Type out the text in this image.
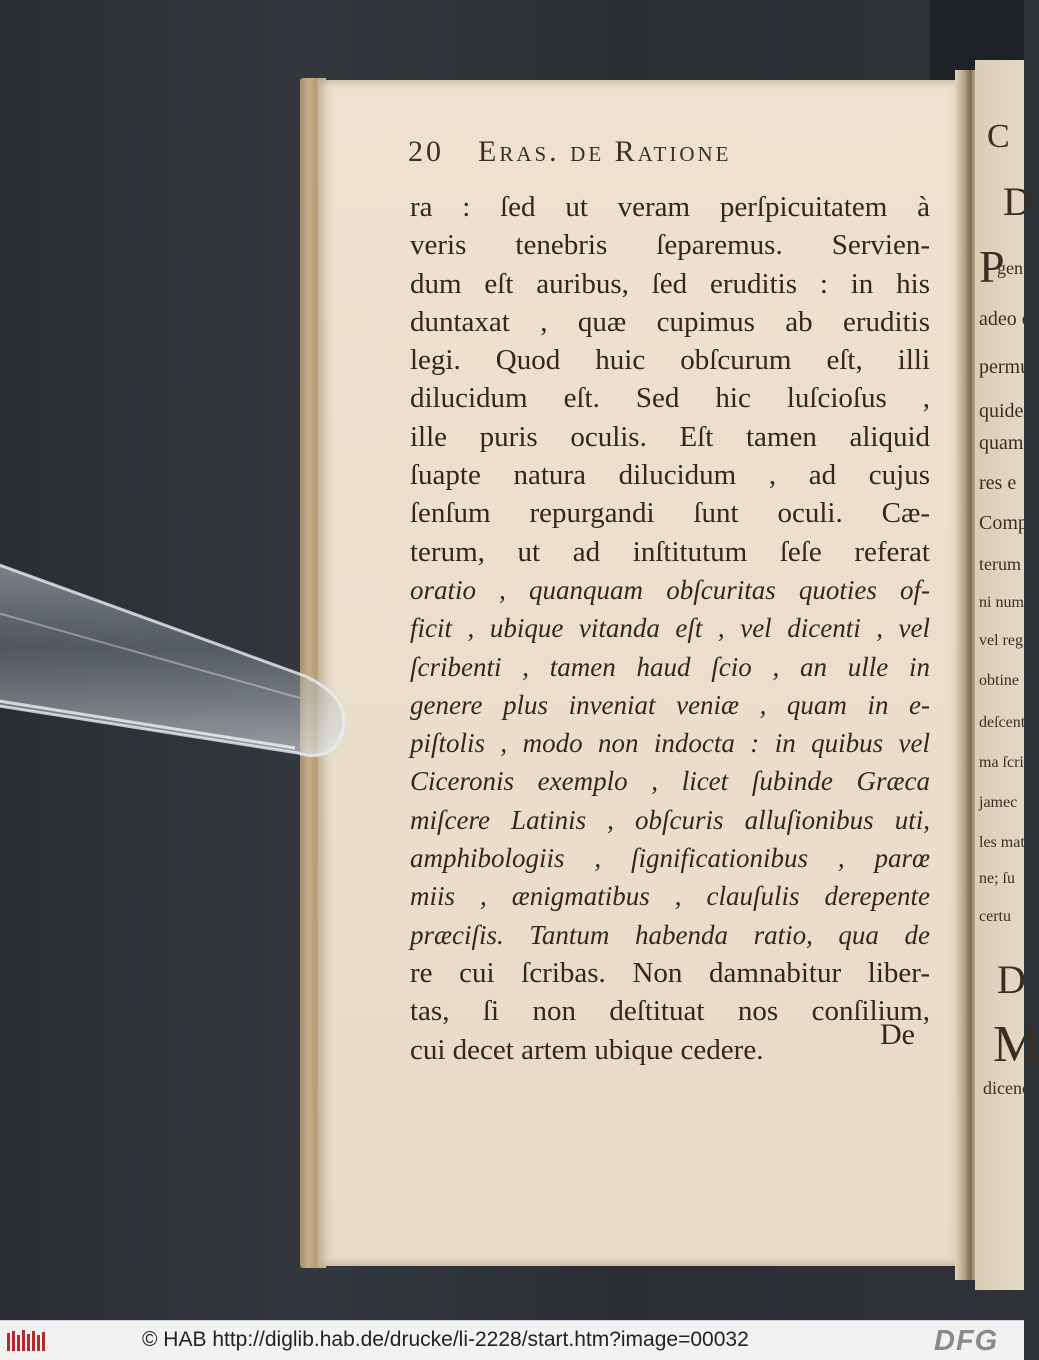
C
D
P
gen
adeo c
permu
quider
quam
res e
Comp
terum
ni num
vel reg
obtine
deſcent
ma ſcri
jamec
les mat
ne; ſu
certu
D
M
diceno
20 Eras. de Ratione
ra : ſed ut veram perſpicuitatem à
veris tenebris ſeparemus. Servien-
dum eſt auribus, ſed eruditis : in his
duntaxat , quæ cupimus ab eruditis
legi. Quod huic obſcurum eſt, illi
dilucidum eſt. Sed hic luſcioſus ,
ille puris oculis. Eſt tamen aliquid
ſuapte natura dilucidum , ad cujus
ſenſum repurgandi ſunt oculi. Cæ-
terum, ut ad inſtitutum ſeſe referat
oratio , quanquam obſcuritas quoties of-
ficit , ubique vitanda eſt , vel dicenti , vel
ſcribenti , tamen haud ſcio , an ulle in
genere plus inveniat veniæ , quam in e-
piſtolis , modo non indocta : in quibus vel
Ciceronis exemplo , licet ſubinde Græca
miſcere Latinis , obſcuris alluſionibus uti,
amphibologiis , ſignificationibus , parœ
miis , ænigmatibus , clauſulis derepente
præciſis. Tantum habenda ratio, qua de
re cui ſcribas. Non damnabitur liber-
tas, ſi non deſtituat nos conſilium,
cui decet artem ubique cedere.	De
© HAB http://diglib.hab.de/drucke/li-2228/start.htm?image=00032	DFG
